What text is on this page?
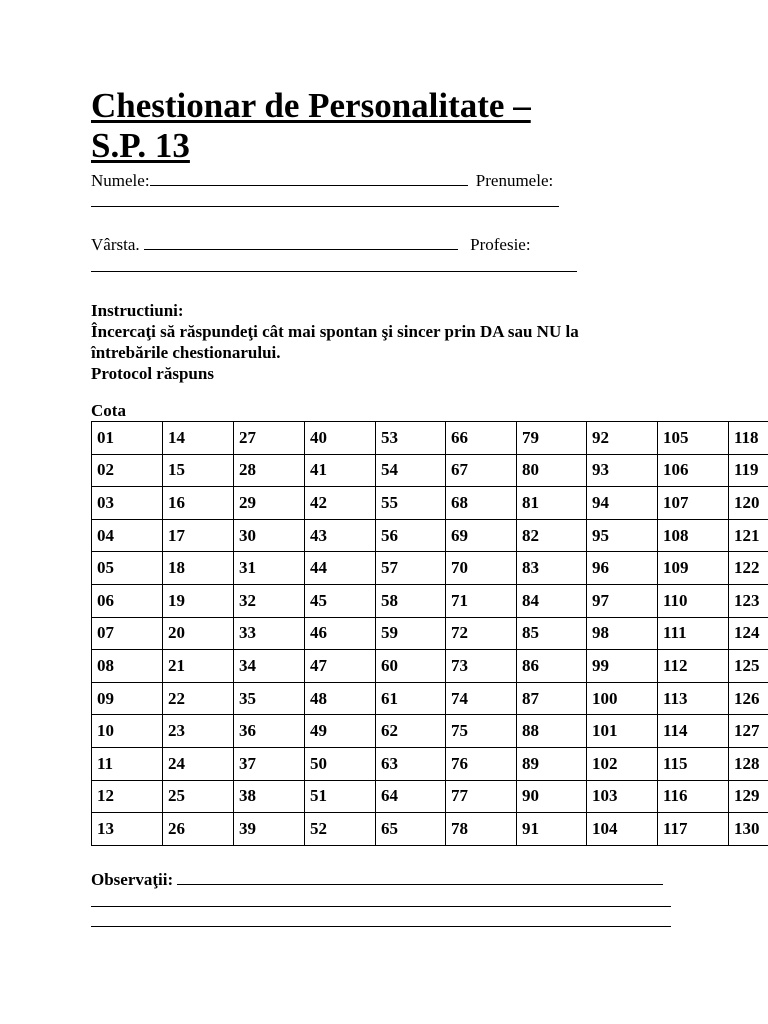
Chestionar de Personalitate –
S.P. 13
Numele:	Prenumele:
Vârsta.	Profesie:
Instructiuni:
Încercaţi să răspundeţi cât mai spontan şi sincer prin DA sau NU la întrebările chestionarului.
Protocol răspuns
Cota
01	14	27	40	53	66	79	92	105	118
02	15	28	41	54	67	80	93	106	119
03	16	29	42	55	68	81	94	107	120
04	17	30	43	56	69	82	95	108	121
05	18	31	44	57	70	83	96	109	122
06	19	32	45	58	71	84	97	110	123
07	20	33	46	59	72	85	98	111	124
08	21	34	47	60	73	86	99	112	125
09	22	35	48	61	74	87	100	113	126
10	23	36	49	62	75	88	101	114	127
11	24	37	50	63	76	89	102	115	128
12	25	38	51	64	77	90	103	116	129
13	26	39	52	65	78	91	104	117	130
Observaţii:
